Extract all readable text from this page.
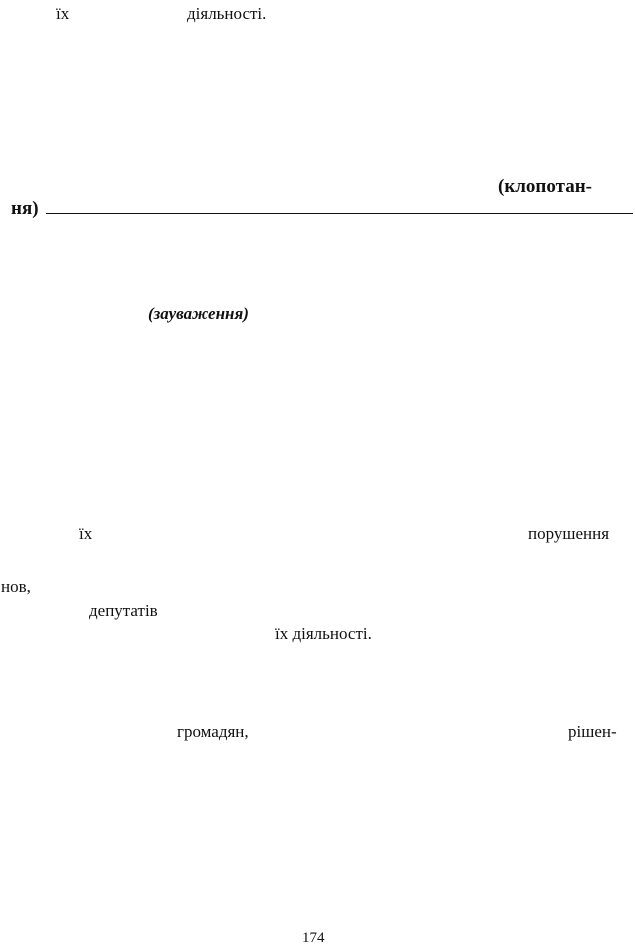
їх	діяльності.
(клопотан-
ня)
(зауваження)
їх	порушення
нов,
депутатів
їх діяльності.
громадян,	рішен-
174
